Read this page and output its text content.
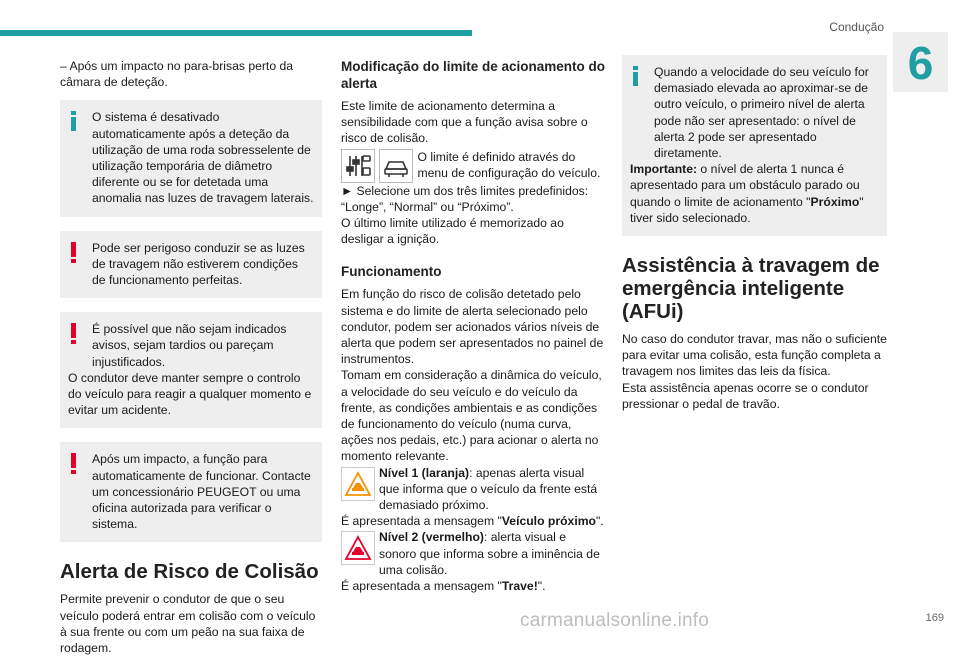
Condução
6

– Após um impacto no para-brisas perto da câmara de deteção.

O sistema é desativado automaticamente após a deteção da utilização de uma roda sobresselente de utilização temporária de diâmetro diferente ou se for detetada uma anomalia nas luzes de travagem laterais.
Pode ser perigoso conduzir se as luzes de travagem não estiverem condições de funcionamento perfeitas.
É possível que não sejam indicados avisos, sejam tardios ou pareçam injustificados.
O condutor deve manter sempre o controlo do veículo para reagir a qualquer momento e evitar um acidente.
Após um impacto, a função para automaticamente de funcionar. Contacte um concessionário PEUGEOT ou uma oficina autorizada para verificar o sistema.
Alerta de Risco de Colisão

Permite prevenir o condutor de que o seu veículo poderá entrar em colisão com o veículo à sua frente ou com um peão na sua faixa de rodagem.

Modificação do limite de acionamento do alerta

Este limite de acionamento determina a sensibilidade com que a função avisa sobre o risco de colisão.

O limite é definido através do menu de configuração do veículo.

► Selecione um dos três limites predefinidos: “Longe”, “Normal” ou “Próximo”.

O último limite utilizado é memorizado ao desligar a ignição.

Funcionamento

Em função do risco de colisão detetado pelo sistema e do limite de alerta selecionado pelo condutor, podem ser acionados vários níveis de alerta que podem ser apresentados no painel de instrumentos.

Tomam em consideração a dinâmica do veículo, a velocidade do seu veículo e do veículo da frente, as condições ambientais e as condições de funcionamento do veículo (numa curva, ações nos pedais, etc.) para acionar o alerta no momento relevante.

Nível 1 (laranja): apenas alerta visual que informa que o veículo da frente está demasiado próximo.

É apresentada a mensagem "Veículo próximo".

Nível 2 (vermelho): alerta visual e sonoro que informa sobre a iminência de uma colisão.

É apresentada a mensagem "Trave!".

Quando a velocidade do seu veículo for demasiado elevada ao aproximar-se de outro veículo, o primeiro nível de alerta pode não ser apresentado: o nível de alerta 2 pode ser apresentado diretamente.
Importante: o nível de alerta 1 nunca é apresentado para um obstáculo parado ou quando o limite de acionamento "Próximo" tiver sido selecionado.
Assistência à travagem de emergência inteligente (AFUi)

No caso do condutor travar, mas não o suficiente para evitar uma colisão, esta função completa a travagem nos limites das leis da física.

Esta assistência apenas ocorre se o condutor pressionar o pedal de travão.

169
carmanualsonline.info
